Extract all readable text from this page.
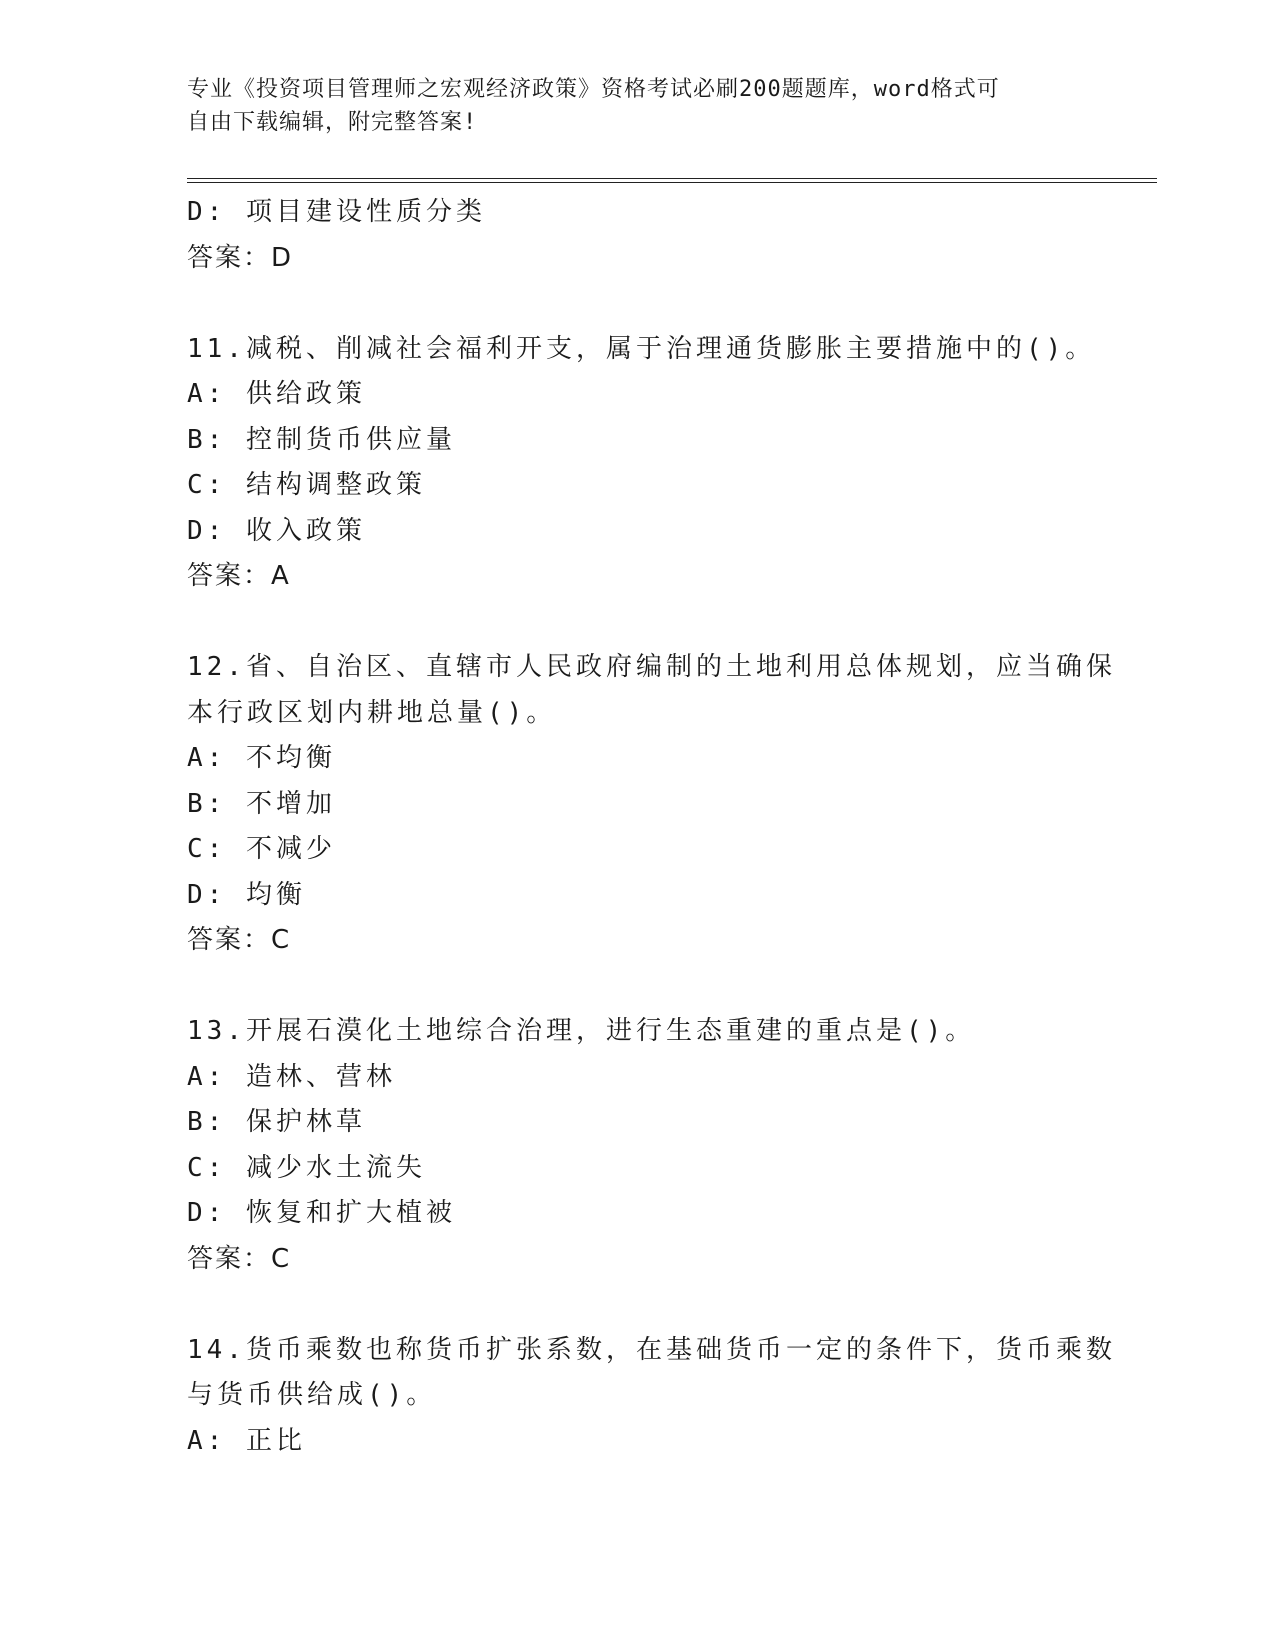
专业《投资项目管理师之宏观经济政策》资格考试必刷200题题库，word格式可
自由下载编辑，附完整答案!
D: 项目建设性质分类
答案：D
11.减税、削减社会福利开支，属于治理通货膨胀主要措施中的()。
A: 供给政策
B: 控制货币供应量
C: 结构调整政策
D: 收入政策
答案：A
12.省、自治区、直辖市人民政府编制的土地利用总体规划，应当确保
本行政区划内耕地总量()。
A: 不均衡
B: 不增加
C: 不减少
D: 均衡
答案：C
13.开展石漠化土地综合治理，进行生态重建的重点是()。
A: 造林、营林
B: 保护林草
C: 减少水土流失
D: 恢复和扩大植被
答案：C
14.货币乘数也称货币扩张系数，在基础货币一定的条件下，货币乘数
与货币供给成()。
A: 正比
